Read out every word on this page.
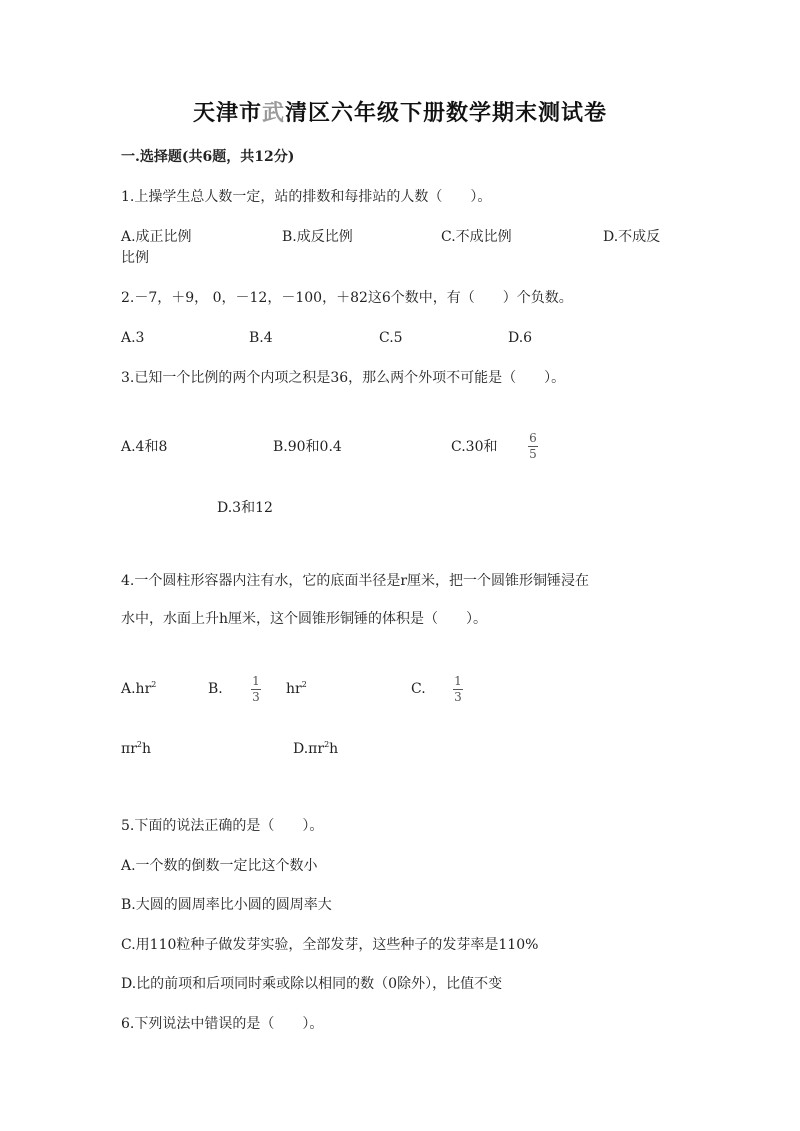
天津市武清区六年级下册数学期末测试卷
一.选择题(共6题，共12分)
1.上操学生总人数一定，站的排数和每排站的人数（　　）。
A.成正比例	B.成反比例	C.不成比例	D.不成反
比例
2.－7，＋9， 0，－12，－100，＋82这6个数中，有（　　）个负数。
A.3	B.4	C.5	D.6
3.已知一个比例的两个内项之积是36，那么两个外项不可能是（　　）。
A.4和8	B.90和0.4	C.30和
6
5
D.3和12
4.一个圆柱形容器内注有水，它的底面半径是r厘米，把一个圆锥形铜锤浸在
水中，水面上升h厘米，这个圆锥形铜锤的体积是（　　）。
$A.hr^2$	B. 1
3 $hr^2$	C. 1
3
$\pi r^2h$	$D.\pi r^2h$
5.下面的说法正确的是（　　）。
A.一个数的倒数一定比这个数小
B.大圆的圆周率比小圆的圆周率大
C.用110粒种子做发芽实验，全部发芽，这些种子的发芽率是110%
D.比的前项和后项同时乘或除以相同的数（0除外），比值不变
6.下列说法中错误的是（　　）。
